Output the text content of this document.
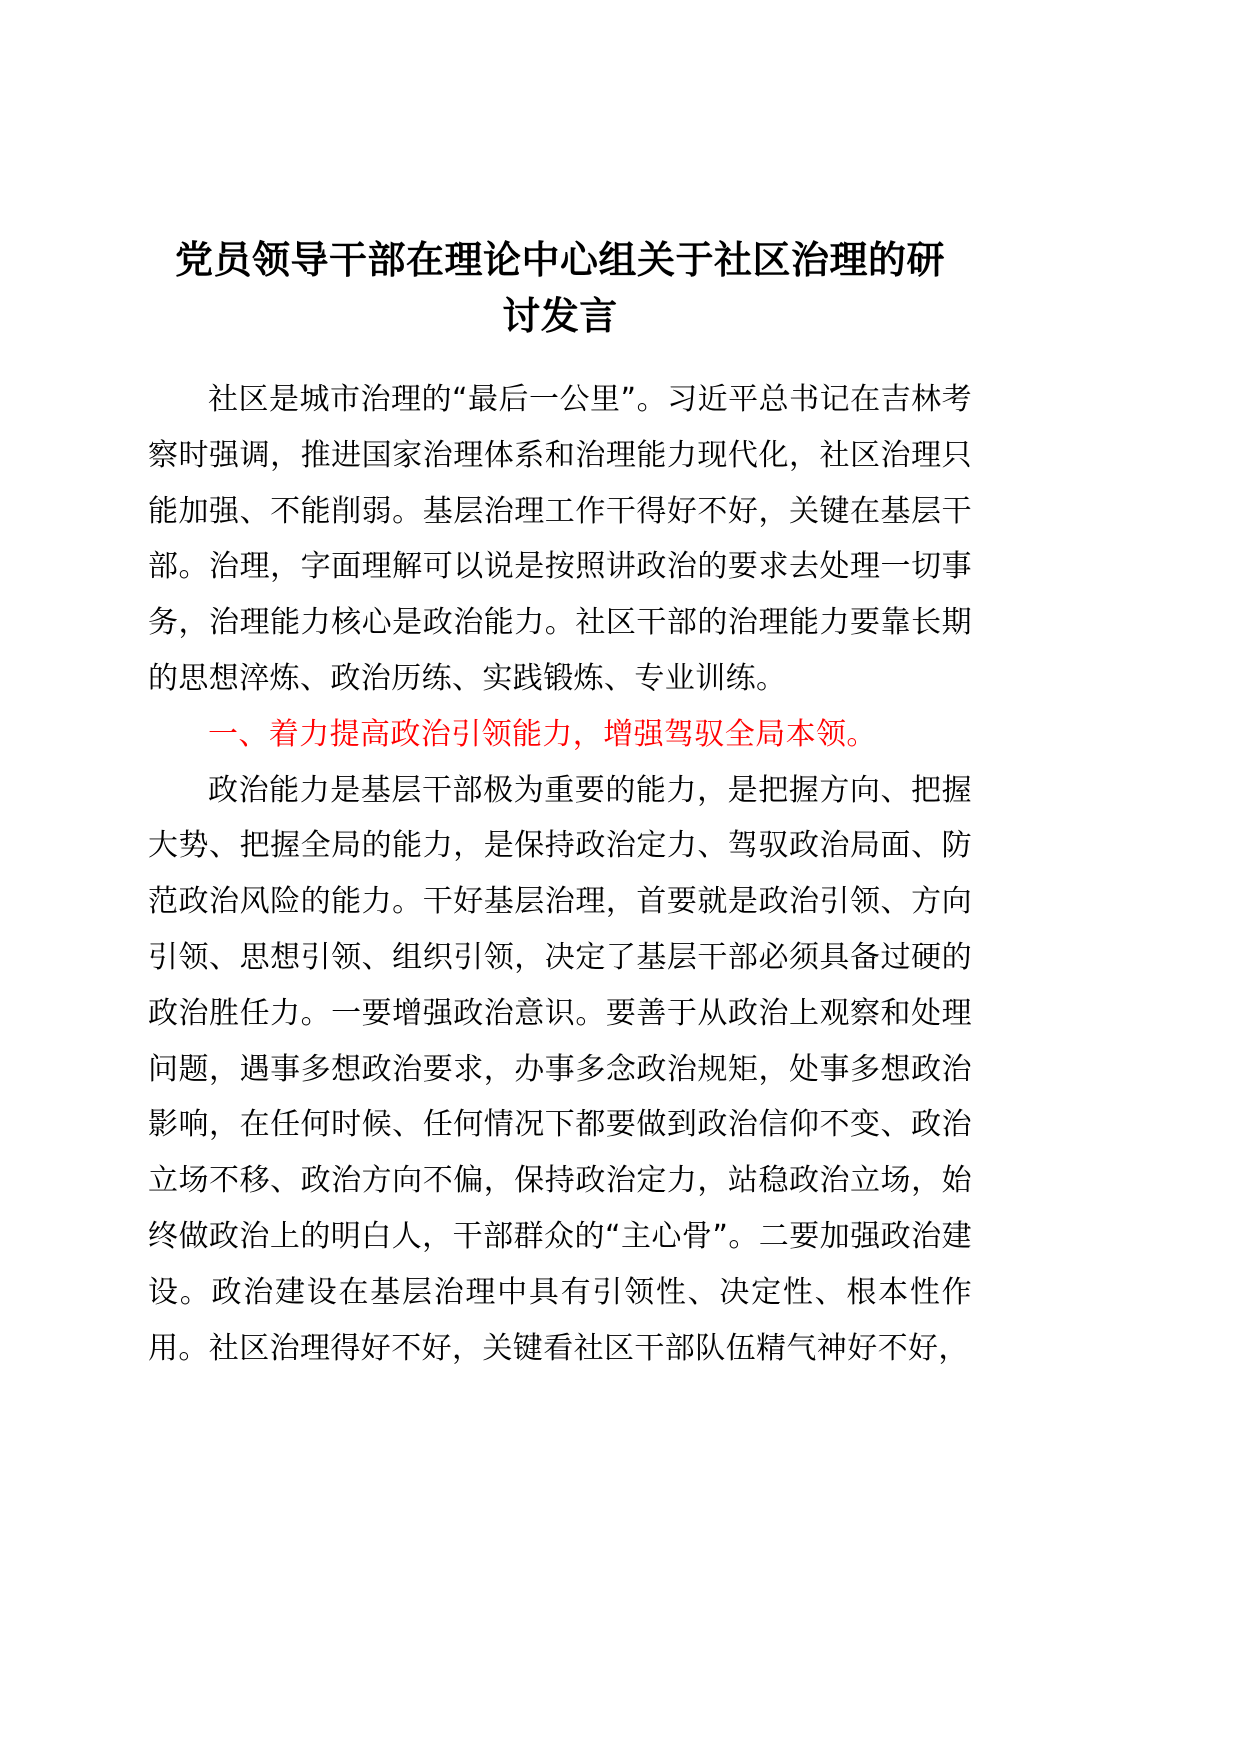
党员领导干部在理论中心组关于社区治理的研
讨发言

社区是城市治理的“最后一公里”。习近平总书记在吉林考察时强调，推进国家治理体系和治理能力现代化，社区治理只能加强、不能削弱。基层治理工作干得好不好，关键在基层干部。治理，字面理解可以说是按照讲政治的要求去处理一切事务，治理能力核心是政治能力。社区干部的治理能力要靠长期的思想淬炼、政治历练、实践锻炼、专业训练。

一、着力提高政治引领能力，增强驾驭全局本领。

政治能力是基层干部极为重要的能力，是把握方向、把握大势、把握全局的能力，是保持政治定力、驾驭政治局面、防范政治风险的能力。干好基层治理，首要就是政治引领、方向引领、思想引领、组织引领，决定了基层干部必须具备过硬的政治胜任力。一要增强政治意识。要善于从政治上观察和处理问题，遇事多想政治要求，办事多念政治规矩，处事多想政治影响，在任何时候、任何情况下都要做到政治信仰不变、政治立场不移、政治方向不偏，保持政治定力，站稳政治立场，始终做政治上的明白人，干部群众的“主心骨”。二要加强政治建设。政治建设在基层治理中具有引领性、决定性、根本性作用。社区治理得好不好，关键看社区干部队伍精气神好不好，
